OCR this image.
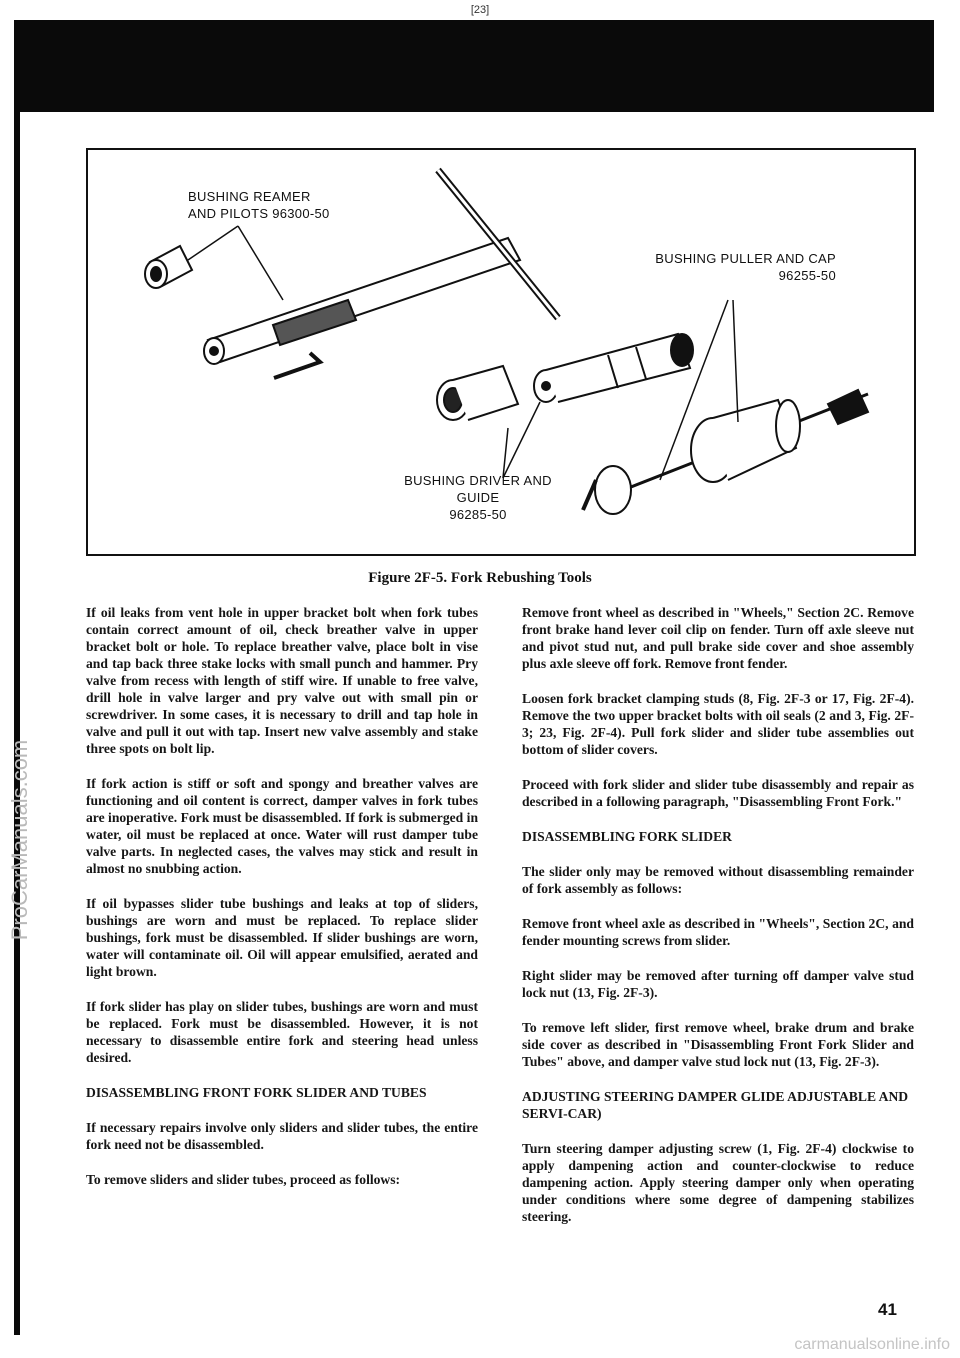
[23]
ProCarManuals.com
BUSHING REAMER
AND PILOTS 96300-50
BUSHING PULLER AND CAP
96255-50
BUSHING DRIVER AND GUIDE
96285-50
Figure 2F-5. Fork Rebushing Tools

If oil leaks from vent hole in upper bracket bolt when fork tubes contain correct amount of oil, check breather valve in upper bracket bolt or hole. To replace breather valve, place bolt in vise and tap back three stake locks with small punch and hammer. Pry valve from recess with length of stiff wire. If unable to free valve, drill hole in valve larger and pry valve out with small pin or screwdriver. In some cases, it is necessary to drill and tap hole in valve and pull it out with tap. Insert new valve assembly and stake three spots on bolt lip.

If fork action is stiff or soft and spongy and breather valves are functioning and oil content is correct, damper valves in fork tubes are inoperative. Fork must be disassembled. If fork is submerged in water, oil must be replaced at once. Water will rust damper tube valve parts. In neglected cases, the valves may stick and result in almost no snubbing action.

If oil bypasses slider tube bushings and leaks at top of sliders, bushings are worn and must be replaced. To replace slider bushings, fork must be disassembled. If slider bushings are worn, water will contaminate oil. Oil will appear emulsified, aerated and light brown.

If fork slider has play on slider tubes, bushings are worn and must be replaced. Fork must be disassembled. However, it is not necessary to disassemble entire fork and steering head unless desired.

DISASSEMBLING FRONT FORK SLIDER AND TUBES

If necessary repairs involve only sliders and slider tubes, the entire fork need not be disassembled.

To remove sliders and slider tubes, proceed as follows:

Remove front wheel as described in "Wheels," Section 2C. Remove front brake hand lever coil clip on fender. Turn off axle sleeve nut and pivot stud nut, and pull brake side cover and shoe assembly plus axle sleeve off fork. Remove front fender.

Loosen fork bracket clamping studs (8, Fig. 2F-3 or 17, Fig. 2F-4). Remove the two upper bracket bolts with oil seals (2 and 3, Fig. 2F-3; 23, Fig. 2F-4). Pull fork slider and slider tube assemblies out bottom of slider covers.

Proceed with fork slider and slider tube disassembly and repair as described in a following paragraph, "Disassembling Front Fork."

DISASSEMBLING FORK SLIDER

The slider only may be removed without disassembling remainder of fork assembly as follows:

Remove front wheel axle as described in "Wheels", Section 2C, and fender mounting screws from slider.

Right slider may be removed after turning off damper valve stud lock nut (13, Fig. 2F-3).

To remove left slider, first remove wheel, brake drum and brake side cover as described in "Disassembling Front Fork Slider and Tubes" above, and damper valve stud lock nut (13, Fig. 2F-3).

ADJUSTING STEERING DAMPER GLIDE ADJUSTABLE AND SERVI-CAR)

Turn steering damper adjusting screw (1, Fig. 2F-4) clockwise to apply dampening action and counter-clockwise to reduce dampening action. Apply steering damper only when operating under conditions where some degree of dampening stabilizes steering.

41
carmanualsonline.info
